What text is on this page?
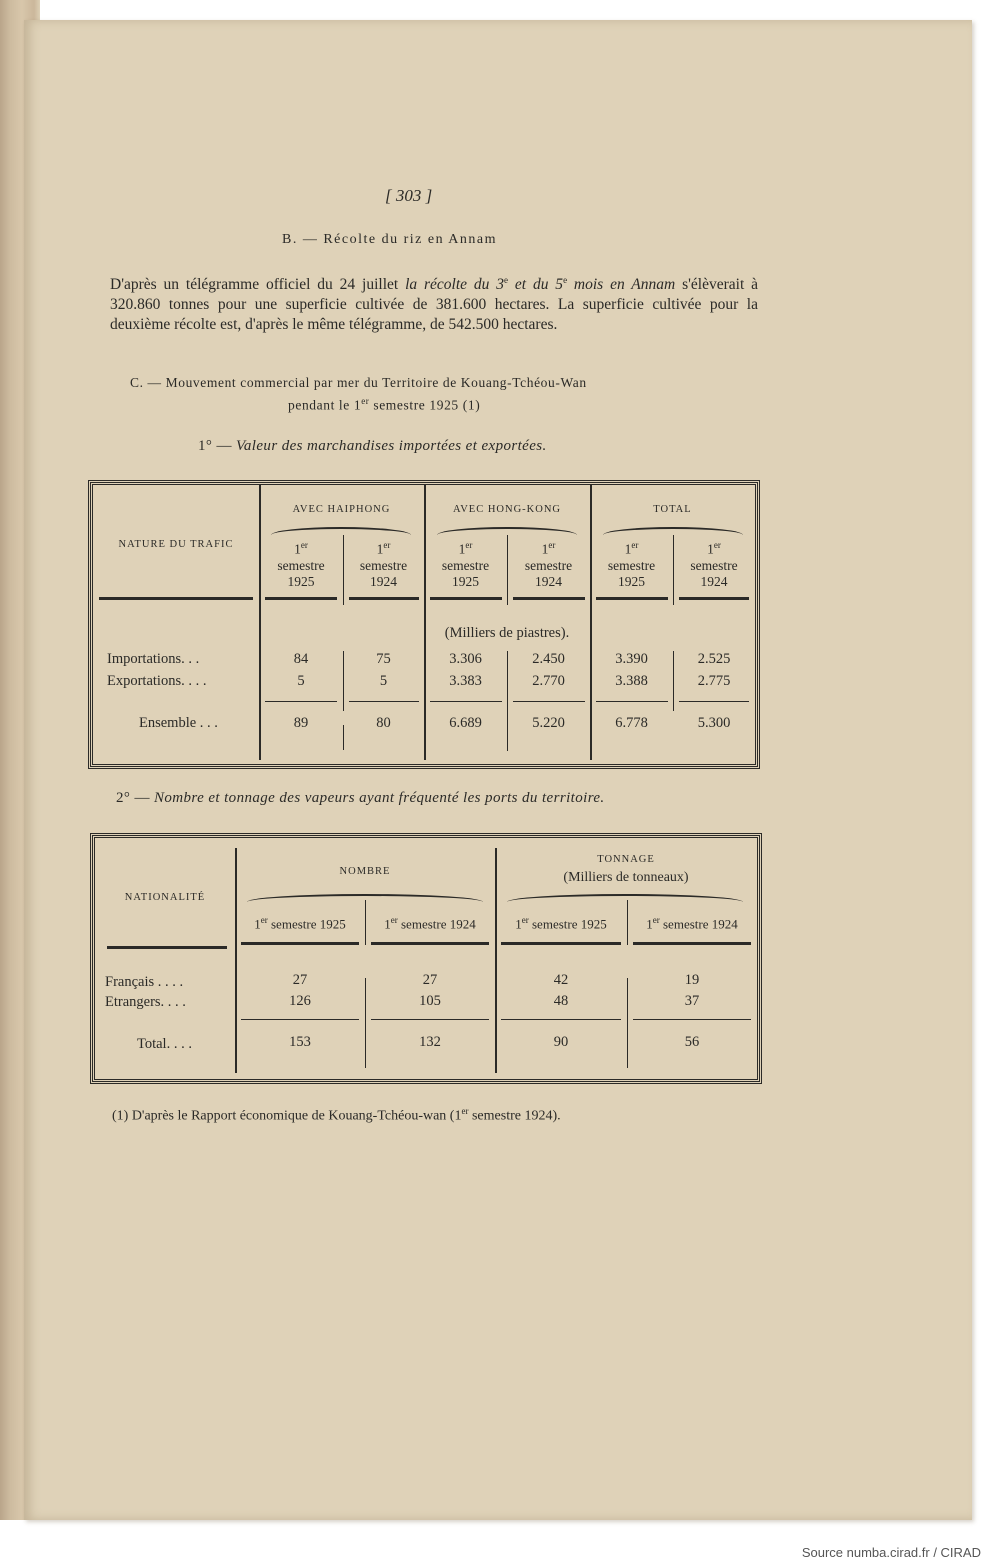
[ 303 ]
B. — Récolte du riz en Annam
D'après un télégramme officiel du 24 juillet la récolte du 3e et du 5e mois en Annam s'élèverait à 320.860 tonnes pour une superficie cultivée de 381.600 hectares. La superficie cultivée pour la deuxième récolte est, d'après le même télégramme, de 542.500 hectares.
C. — Mouvement commercial par mer du Territoire de Kouang-Tchéou-Wan
pendant le 1er semestre 1925 (1)
1° — Valeur des marchandises importées et exportées.
NATURE DU TRAFIC
AVEC HAIPHONG	AVEC HONG-KONG	TOTAL
1er
semestre
1925
1er
semestre
1924
1er
semestre
1925
1er
semestre
1924
1er
semestre
1925
1er
semestre
1924
(Milliers de piastres).
Importations. . .	84	75	3.306	2.450	3.390	2.525
Exportations. . . .	5	5	3.383	2.770	3.388	2.775
Ensemble . . .	89	80	6.689	5.220	6.778	5.300
2° — Nombre et tonnage des vapeurs ayant fréquenté les ports du territoire.
NATIONALITÉ
NOMBRE
TONNAGE
(Milliers de tonneaux)
1er semestre 1925	1er semestre 1924	1er semestre 1925	1er semestre 1924
Français . . . .	27	27	42	19
Etrangers. . . .	126	105	48	37
Total. . . .	153	132	90	56
(1) D'après le Rapport économique de Kouang-Tchéou-wan (1er semestre 1924).
Source numba.cirad.fr / CIRAD
